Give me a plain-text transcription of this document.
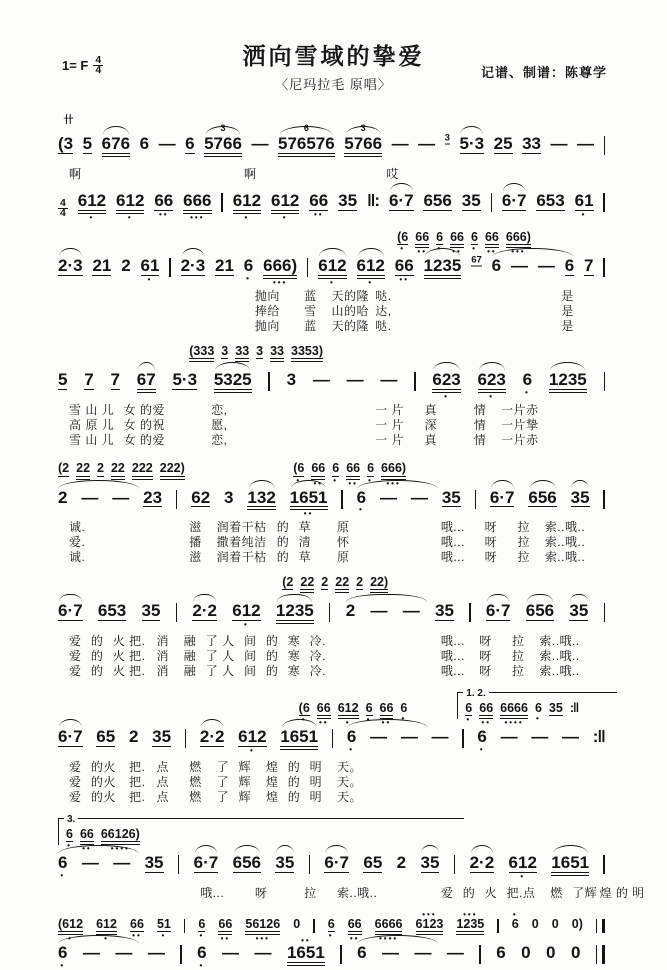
1= F $\frac{4}{4}$	洒向雪域的挚爱
〈尼玛拉毛 原唱〉
记谱、制谱：陈尊学
卄
(3 5 676 6 — 6 5766
3
— 576576
6
5766
3
— — 3 5·3 25 33 — —
啊	啊	哎
$\frac{4}{4} 612$
•
612
•
66
••
666
•••
612
•
612
•
66
••
35 ‖: 6·7 656 35 6·7 653 61
•
(6
•
66
••
6
•
66
••
6
•
66
••
666)
•••
2·3 21 2 61
•
2·3 21 6
•
666)
•••
612
•
612
•
66
••
1235 67 6 — — 6 7
抛向 蓝 天的隆 哒.	是
捧给 雪 山的哈 达,	是
抛向 蓝 天的隆 哒.	是
(333 3 33 3 33 3353)
5 7 7 67 5·3 5325 3 — — — 623
•
623
•
6
•
1235
雪 山 儿 女 的爱	恋,	一 片 真	情 一片赤
高 原 儿 女 的祝	愿,	一 片 深	情 一片挚
雪 山 儿 女 的爱	恋,	一 片 真	情 一片赤
(2 22 2 22 222 222)	(6
•
66
••
6
•
66
••
6
•
666)
•••
2 — — 23 62 3 132 1651
••
6
•
— — 35 6·7 656 35
诚.	滋 润着干枯 的 草 原	哦... 呀 拉 索..哦..
爱.	播 撒着纯洁 的 清 怀	哦... 呀 拉 索..哦..
诚.	滋 润着干枯 的 草 原	哦... 呀 拉 索..哦..
(2 22 2 22 2 22)
6·7 653 35 2·2 612
•
1235 2 — — 35 6·7 656 35
爱 的 火 把. 消 融 了 人 间 的 寒 冷.	哦... 呀 拉 索..哦..
爱 的 火 把. 消 融 了 人 间 的 寒 冷.	哦... 呀 拉 索..哦..
爱 的 火 把. 消 融 了 人 间 的 寒 冷.	哦... 呀 拉 索..哦..
(6
•
66
••
612
•
6
•
66
••
6
•
1. 2.
6
•
66
••
6666
••••
6
•
35 :‖
6·7 65 2 35 2·2 612
•
1651 6
•
— — — 6
•
— — — :‖
爱 的火 把. 点 燃 了 辉 煌 的 明 天。
爱 的火 把. 点 燃 了 辉 煌 的 明 天。
爱 的火 把. 点 燃 了 辉 煌 的 明 天。
3.
6
•
66
••
66126)
••••
6
•
— — 35 6·7 656 35 6·7 65 2 35 2·2 612
•
1651
哦...	呀	拉 索..哦..	爱 的 火 把.点 燃 了辉 煌 的 明
(612
•
612
•
66
••
51
•
6
•
66
••
56126
•••
0 6
•
66
••
6666
••••
6123
•••
1235
•••
6
•
0 0 0)
6
•
— — — 6
•
— — 1651
••
6 — — — 6 0 0 0
